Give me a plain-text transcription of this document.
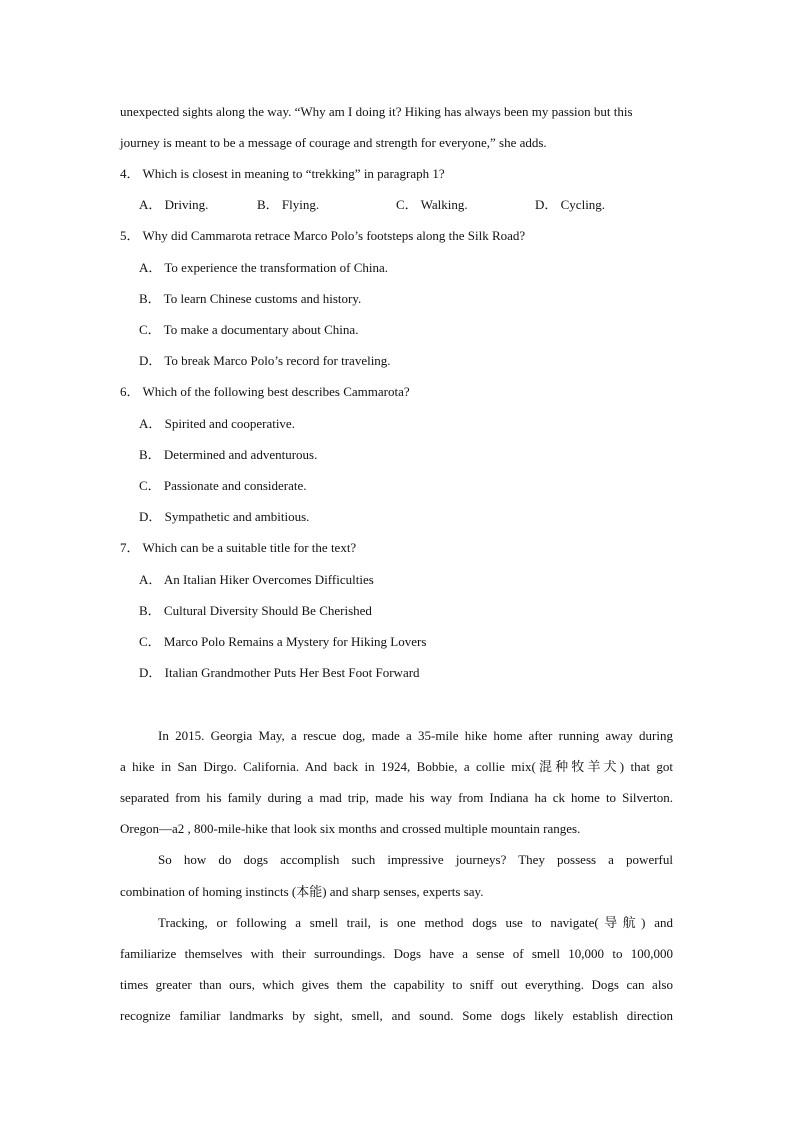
unexpected sights along the way. “Why am I doing it? Hiking has always been my passion but this
journey is meant to be a message of courage and strength for everyone,” she adds.
4． Which is closest in meaning to “trekking” in paragraph 1?
A． Driving.	B． Flying.	C． Walking.	D． Cycling.
5． Why did Cammarota retrace Marco Polo’s footsteps along the Silk Road?
A． To experience the transformation of China.
B． To learn Chinese customs and history.
C． To make a documentary about China.
D． To break Marco Polo’s record for traveling.
6． Which of the following best describes Cammarota?
A． Spirited and cooperative.
B． Determined and adventurous.
C． Passionate and considerate.
D． Sympathetic and ambitious.
7． Which can be a suitable title for the text?
A． An Italian Hiker Overcomes Difficulties
B． Cultural Diversity Should Be Cherished
C． Marco Polo Remains a Mystery for Hiking Lovers
D． Italian Grandmother Puts Her Best Foot Forward
In 2015. Georgia May, a rescue dog, made a 35-mile hike home after running away during
a hike in San Dirgo. California. And back in 1924, Bobbie, a collie mix(混种牧羊犬) that got
separated from his family during a mad trip, made his way from Indiana ha ck home to Silverton.
Oregon—a2 , 800-mile-hike that look six months and crossed multiple mountain ranges.
So how do dogs accomplish such impressive journeys? They possess a powerful
combination of homing instincts (本能) and sharp senses, experts say.
Tracking, or following a smell trail, is one method dogs use to navigate(导航) and
familiarize themselves with their surroundings. Dogs have a sense of smell 10,000 to 100,000
times greater than ours, which gives them the capability to sniff out everything. Dogs can also
recognize familiar landmarks by sight, smell, and sound. Some dogs likely establish direction
